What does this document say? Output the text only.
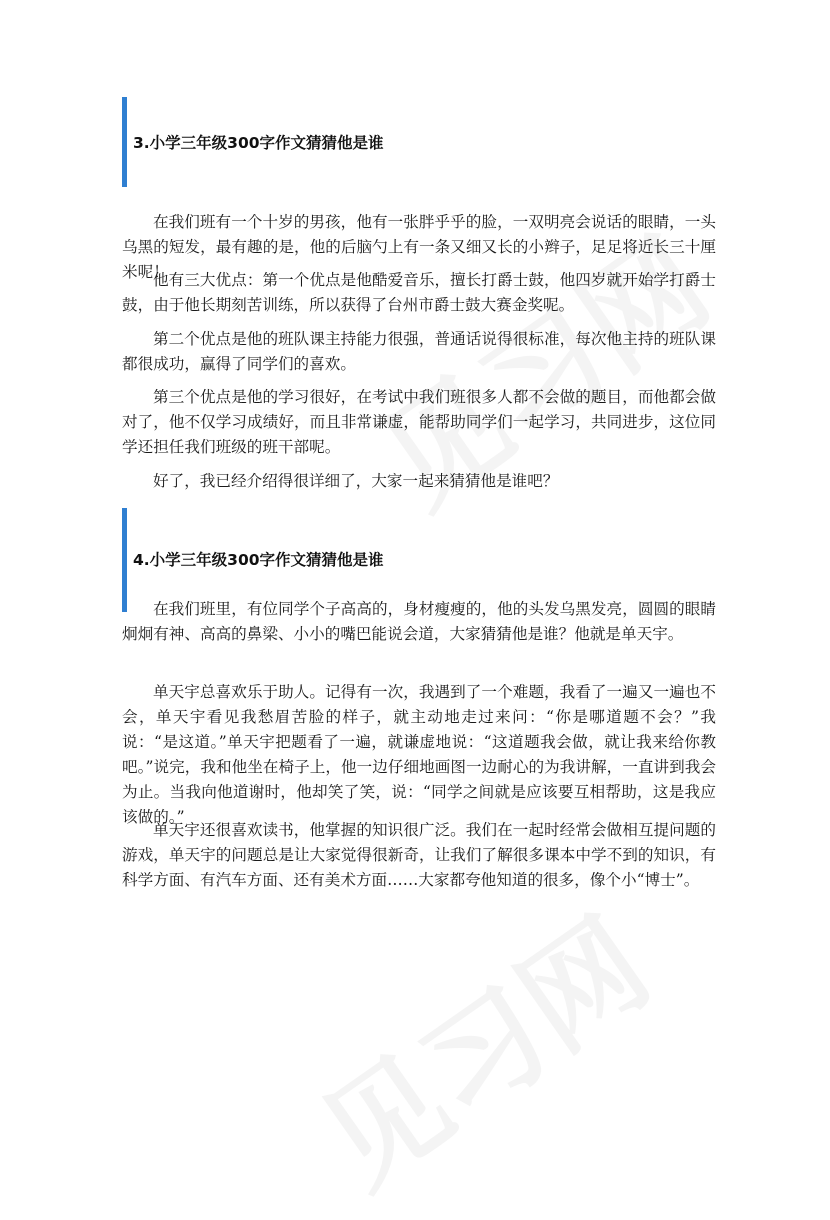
3.小学三年级300字作文猜猜他是谁

在我们班有一个十岁的男孩，他有一张胖乎乎的脸，一双明亮会说话的眼睛，一头乌黑的短发，最有趣的是，他的后脑勺上有一条又细又长的小辫子，足足将近长三十厘米呢！

他有三大优点：第一个优点是他酷爱音乐，擅长打爵士鼓，他四岁就开始学打爵士鼓，由于他长期刻苦训练，所以获得了台州市爵士鼓大赛金奖呢。

第二个优点是他的班队课主持能力很强，普通话说得很标准，每次他主持的班队课都很成功，赢得了同学们的喜欢。

第三个优点是他的学习很好，在考试中我们班很多人都不会做的题目，而他都会做对了，他不仅学习成绩好，而且非常谦虚，能帮助同学们一起学习，共同进步，这位同学还担任我们班级的班干部呢。

好了，我已经介绍得很详细了，大家一起来猜猜他是谁吧？

4.小学三年级300字作文猜猜他是谁

在我们班里，有位同学个子高高的，身材瘦瘦的，他的头发乌黑发亮，圆圆的眼睛炯炯有神、高高的鼻梁、小小的嘴巴能说会道，大家猜猜他是谁？他就是单天宇。

单天宇总喜欢乐于助人。记得有一次，我遇到了一个难题，我看了一遍又一遍也不会，单天宇看见我愁眉苦脸的样子，就主动地走过来问：“你是哪道题不会？”我说：“是这道。”单天宇把题看了一遍，就谦虚地说：“这道题我会做，就让我来给你教吧。”说完，我和他坐在椅子上，他一边仔细地画图一边耐心的为我讲解，一直讲到我会为止。当我向他道谢时，他却笑了笑，说：“同学之间就是应该要互相帮助，这是我应该做的。”

单天宇还很喜欢读书，他掌握的知识很广泛。我们在一起时经常会做相互提问题的游戏，单天宇的问题总是让大家觉得很新奇，让我们了解很多课本中学不到的知识，有科学方面、有汽车方面、还有美术方面……大家都夸他知道的很多，像个小“博士”。
